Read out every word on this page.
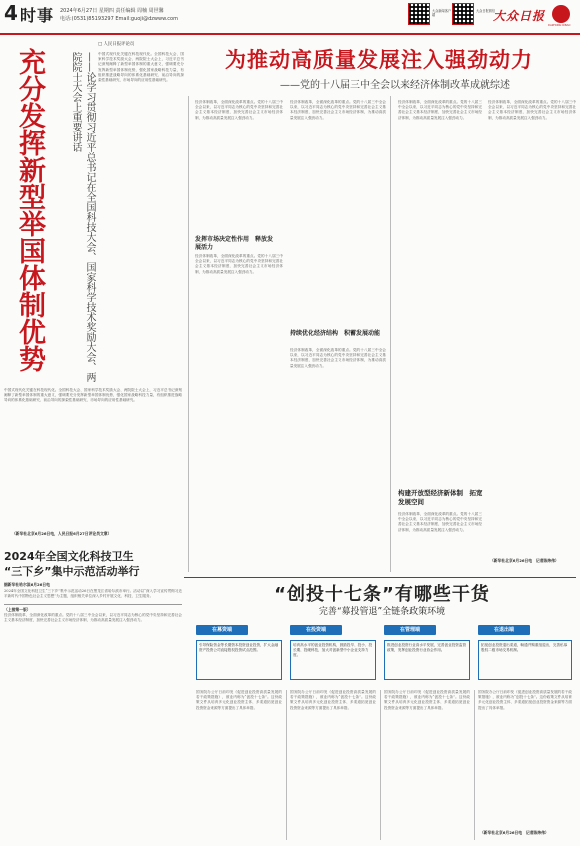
4 时事 2024年6月27日 星期四 责任编辑 周楠 周世馨
电话:(0531)85193297 Email:guoji@dzwww.com
大众新闻客户端
大众日报微信
大众日报
DAZHONG RIBAO
□ 人民日报评论员
充分发挥新型举国体制优势	——论学习贯彻习近平总书记在全国科技大会、国家科学技术奖励大会、两院院士大会上重要讲话	中国式现代化关键在科技现代化。全国科技大会、国家科学技术奖励大会、两院院士大会上，习近平总书记深刻阐释了新型举国体制的重大意义，强调要充分发挥新型举国体制优势，强化国家战略科技力量，有组织推进战略导向的体系化基础研究、前沿导向的探索性基础研究、市场导向的应用性基础研究。
中国式现代化关键在科技现代化。全国科技大会、国家科学技术奖励大会、两院院士大会上，习近平总书记深刻阐释了新型举国体制的重大意义，强调要充分发挥新型举国体制优势，强化国家战略科技力量，有组织推进战略导向的体系化基础研究、前沿导向的探索性基础研究、市场导向的应用性基础研究。
（新华社北京6月26日电，人民日报6月27日评论员文章）
2024年全国文化科技卫生
“三下乡”集中示范活动举行
据新华社哈尔滨6月26日电
2024年全国文化科技卫生“三下乡”集中示范活动26日在黑龙江省哈尔滨市举行。活动以“深入学习宣传贯彻习近平新时代中国特色社会主义思想”为主题，组织相关单位深入乡村开展文化、科技、卫生服务。
（上接第一版）
经济体制改革，全面深化改革的重点。党的十八届三中全会以来，以习近平同志为核心的党中央坚持和完善社会主义基本经济制度，加快完善社会主义市场经济体制，为推动高质量发展注入强劲动力。
为推动高质量发展注入强劲动力
——党的十八届三中全会以来经济体制改革成就综述
经济体制改革，全面深化改革的重点。党的十八届三中全会以来，以习近平同志为核心的党中央坚持和完善社会主义基本经济制度，加快完善社会主义市场经济体制，为推动高质量发展注入强劲动力。
发挥市场决定性作用　释放发展活力
经济体制改革，全面深化改革的重点。党的十八届三中全会以来，以习近平同志为核心的党中央坚持和完善社会主义基本经济制度，加快完善社会主义市场经济体制，为推动高质量发展注入强劲动力。
经济体制改革，全面深化改革的重点。党的十八届三中全会以来，以习近平同志为核心的党中央坚持和完善社会主义基本经济制度，加快完善社会主义市场经济体制，为推动高质量发展注入强劲动力。
持续优化经济结构　积蓄发展动能
经济体制改革，全面深化改革的重点。党的十八届三中全会以来，以习近平同志为核心的党中央坚持和完善社会主义基本经济制度，加快完善社会主义市场经济体制，为推动高质量发展注入强劲动力。
经济体制改革，全面深化改革的重点。党的十八届三中全会以来，以习近平同志为核心的党中央坚持和完善社会主义基本经济制度，加快完善社会主义市场经济体制，为推动高质量发展注入强劲动力。
构建开放型经济新体制　拓宽发展空间
经济体制改革，全面深化改革的重点。党的十八届三中全会以来，以习近平同志为核心的党中央坚持和完善社会主义基本经济制度，加快完善社会主义市场经济体制，为推动高质量发展注入强劲动力。
经济体制改革，全面深化改革的重点。党的十八届三中全会以来，以习近平同志为核心的党中央坚持和完善社会主义基本经济制度，加快完善社会主义市场经济体制，为推动高质量发展注入强劲动力。
（新华社北京6月26日电　记者陈炜伟）
“创投十七条”有哪些干货
完善“募投管退”全链条政策环境
在募资端	在投资端	在管理端	在退出端
引导保险资金等长期资本投资创业投资，扩大金融资产投资公司直接股权投资试点范围。
培育高水平的创业投资机构，鼓励投早、投小、投长期、投硬科技，加大对创新型中小企业支持力度。
推进创业投资行业高水平发展，完善创业投资监管政策，发挥创业投资行业协会作用。
拓宽创业投资退出渠道，畅通并购重组退出，完善私募股权二级市场交易机制。
国务院办公厅日前印发《促进创业投资高质量发展的若干政策措施》，被业内称为“创投十七条”。这份政策文件从培育多元化创业投资主体、多渠道拓宽创业投资资金来源等方面提出了具体举措。
国务院办公厅日前印发《促进创业投资高质量发展的若干政策措施》，被业内称为“创投十七条”。这份政策文件从培育多元化创业投资主体、多渠道拓宽创业投资资金来源等方面提出了具体举措。
国务院办公厅日前印发《促进创业投资高质量发展的若干政策措施》，被业内称为“创投十七条”。这份政策文件从培育多元化创业投资主体、多渠道拓宽创业投资资金来源等方面提出了具体举措。
国务院办公厅日前印发《促进创业投资高质量发展的若干政策措施》，被业内称为“创投十七条”。这份政策文件从培育多元化创业投资主体、多渠道拓宽创业投资资金来源等方面提出了具体举措。
（新华社北京6月26日电　记者陈炜伟）
